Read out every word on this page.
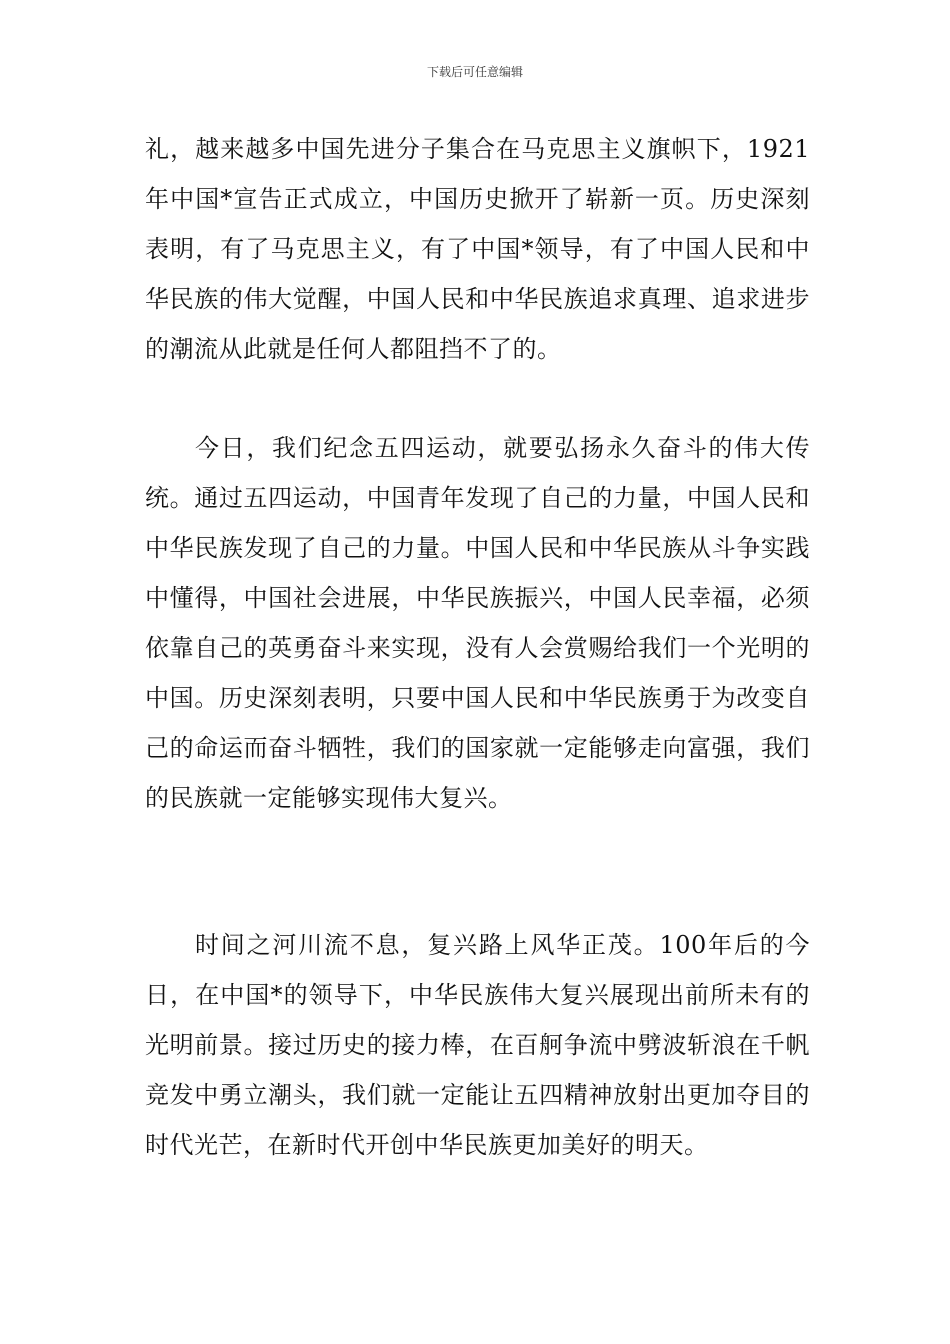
下载后可任意编辑

礼，越来越多中国先进分子集合在马克思主义旗帜下，1921年中国*宣告正式成立，中国历史掀开了崭新一页。历史深刻表明，有了马克思主义，有了中国*领导，有了中国人民和中华民族的伟大觉醒，中国人民和中华民族追求真理、追求进步的潮流从此就是任何人都阻挡不了的。

今日，我们纪念五四运动，就要弘扬永久奋斗的伟大传统。通过五四运动，中国青年发现了自己的力量，中国人民和中华民族发现了自己的力量。中国人民和中华民族从斗争实践中懂得，中国社会进展，中华民族振兴，中国人民幸福，必须依靠自己的英勇奋斗来实现，没有人会赏赐给我们一个光明的中国。历史深刻表明，只要中国人民和中华民族勇于为改变自己的命运而奋斗牺牲，我们的国家就一定能够走向富强，我们的民族就一定能够实现伟大复兴。

时间之河川流不息，复兴路上风华正茂。100年后的今日，在中国*的领导下，中华民族伟大复兴展现出前所未有的光明前景。接过历史的接力棒，在百舸争流中劈波斩浪在千帆竞发中勇立潮头，我们就一定能让五四精神放射出更加夺目的时代光芒，在新时代开创中华民族更加美好的明天。
